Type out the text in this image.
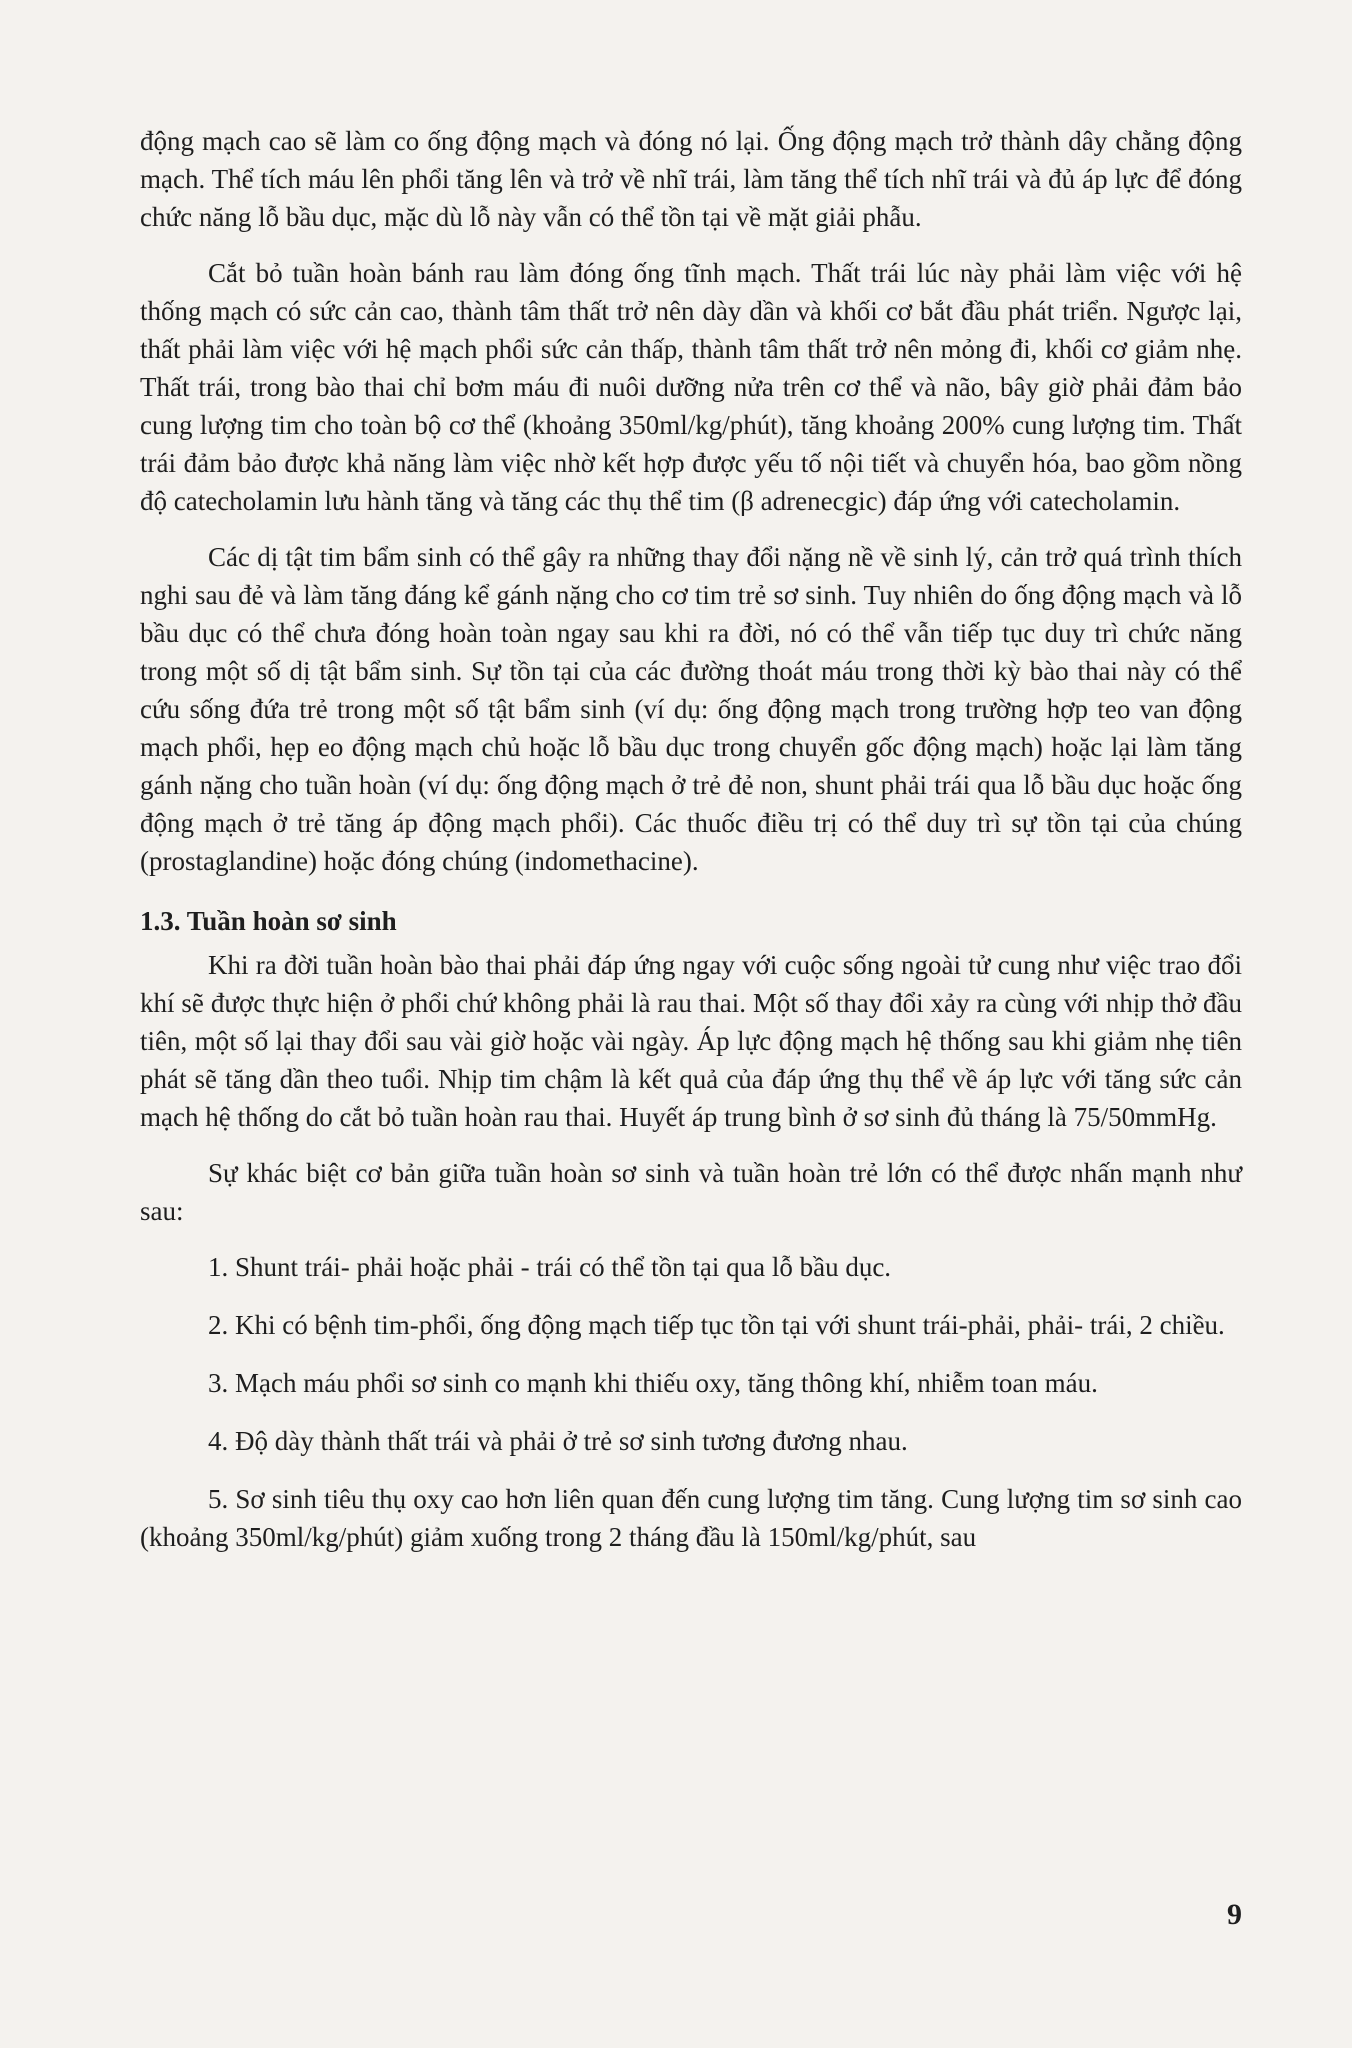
động mạch cao sẽ làm co ống động mạch và đóng nó lại. Ống động mạch trở thành dây chằng động mạch. Thể tích máu lên phổi tăng lên và trở về nhĩ trái, làm tăng thể tích nhĩ trái và đủ áp lực để đóng chức năng lỗ bầu dục, mặc dù lỗ này vẫn có thể tồn tại về mặt giải phẫu.

Cắt bỏ tuần hoàn bánh rau làm đóng ống tĩnh mạch. Thất trái lúc này phải làm việc với hệ thống mạch có sức cản cao, thành tâm thất trở nên dày dần và khối cơ bắt đầu phát triển. Ngược lại, thất phải làm việc với hệ mạch phổi sức cản thấp, thành tâm thất trở nên mỏng đi, khối cơ giảm nhẹ. Thất trái, trong bào thai chỉ bơm máu đi nuôi dưỡng nửa trên cơ thể và não, bây giờ phải đảm bảo cung lượng tim cho toàn bộ cơ thể (khoảng 350ml/kg/phút), tăng khoảng 200% cung lượng tim. Thất trái đảm bảo được khả năng làm việc nhờ kết hợp được yếu tố nội tiết và chuyển hóa, bao gồm nồng độ catecholamin lưu hành tăng và tăng các thụ thể tim (β adrenecgic) đáp ứng với catecholamin.

Các dị tật tim bẩm sinh có thể gây ra những thay đổi nặng nề về sinh lý, cản trở quá trình thích nghi sau đẻ và làm tăng đáng kể gánh nặng cho cơ tim trẻ sơ sinh. Tuy nhiên do ống động mạch và lỗ bầu dục có thể chưa đóng hoàn toàn ngay sau khi ra đời, nó có thể vẫn tiếp tục duy trì chức năng trong một số dị tật bẩm sinh. Sự tồn tại của các đường thoát máu trong thời kỳ bào thai này có thể cứu sống đứa trẻ trong một số tật bẩm sinh (ví dụ: ống động mạch trong trường hợp teo van động mạch phổi, hẹp eo động mạch chủ hoặc lỗ bầu dục trong chuyển gốc động mạch) hoặc lại làm tăng gánh nặng cho tuần hoàn (ví dụ: ống động mạch ở trẻ đẻ non, shunt phải trái qua lỗ bầu dục hoặc ống động mạch ở trẻ tăng áp động mạch phổi). Các thuốc điều trị có thể duy trì sự tồn tại của chúng (prostaglandine) hoặc đóng chúng (indomethacine).

1.3. Tuần hoàn sơ sinh

Khi ra đời tuần hoàn bào thai phải đáp ứng ngay với cuộc sống ngoài tử cung như việc trao đổi khí sẽ được thực hiện ở phổi chứ không phải là rau thai. Một số thay đổi xảy ra cùng với nhịp thở đầu tiên, một số lại thay đổi sau vài giờ hoặc vài ngày. Áp lực động mạch hệ thống sau khi giảm nhẹ tiên phát sẽ tăng dần theo tuổi. Nhịp tim chậm là kết quả của đáp ứng thụ thể về áp lực với tăng sức cản mạch hệ thống do cắt bỏ tuần hoàn rau thai. Huyết áp trung bình ở sơ sinh đủ tháng là 75/50mmHg.

Sự khác biệt cơ bản giữa tuần hoàn sơ sinh và tuần hoàn trẻ lớn có thể được nhấn mạnh như sau:

1. Shunt trái- phải hoặc phải - trái có thể tồn tại qua lỗ bầu dục.

2. Khi có bệnh tim-phổi, ống động mạch tiếp tục tồn tại với shunt trái-phải, phải- trái, 2 chiều.

3. Mạch máu phổi sơ sinh co mạnh khi thiếu oxy, tăng thông khí, nhiễm toan máu.

4. Độ dày thành thất trái và phải ở trẻ sơ sinh tương đương nhau.

5. Sơ sinh tiêu thụ oxy cao hơn liên quan đến cung lượng tim tăng. Cung lượng tim sơ sinh cao (khoảng 350ml/kg/phút) giảm xuống trong 2 tháng đầu là 150ml/kg/phút, sau

9
